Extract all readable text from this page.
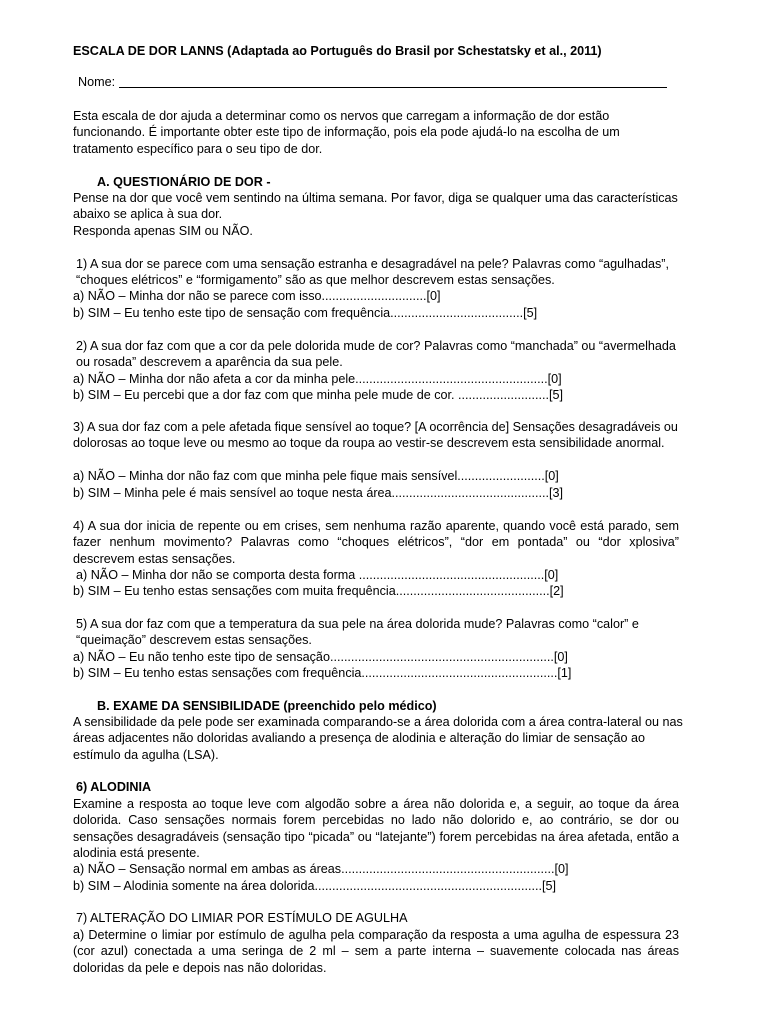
ESCALA DE DOR LANNS (Adaptada ao Português do Brasil por Schestatsky et al., 2011)

Nome:

Esta escala de dor ajuda a determinar como os nervos que carregam a informação de dor estão funcionando. É importante obter este tipo de informação, pois ela pode ajudá-lo na escolha de um tratamento específico para o seu tipo de dor.

A. QUESTIONÁRIO DE DOR -

Pense na dor que você vem sentindo na última semana. Por favor, diga se qualquer uma das características abaixo se aplica à sua dor.

Responda apenas SIM ou NÃO.

1) A sua dor se parece com uma sensação estranha e desagradável na pele? Palavras como “agulhadas”, “choques elétricos” e “formigamento” são as que melhor descrevem estas sensações.

a) NÃO – Minha dor não se parece com isso..............................[0]

b) SIM – Eu tenho este tipo de sensação com frequência......................................[5]

2) A sua dor faz com que a cor da pele dolorida mude de cor? Palavras como “manchada” ou “avermelhada ou rosada” descrevem a aparência da sua pele.

a) NÃO – Minha dor não afeta a cor da minha pele.......................................................[0]

b) SIM – Eu percebi que a dor faz com que minha pele mude de cor. ..........................[5]

3) A sua dor faz com a pele afetada fique sensível ao toque? [A ocorrência de] Sensações desagradáveis ou dolorosas ao toque leve ou mesmo ao toque da roupa ao vestir-se descrevem esta sensibilidade anormal.

a) NÃO – Minha dor não faz com que minha pele fique mais sensível.........................[0]

b) SIM – Minha pele é mais sensível ao toque nesta área.............................................[3]

4) A sua dor inicia de repente ou em crises, sem nenhuma razão aparente, quando você está parado, sem fazer nenhum movimento? Palavras como “choques elétricos”, “dor em pontada” ou “dor xplosiva” descrevem estas sensações.

a) NÃO – Minha dor não se comporta desta forma .....................................................[0]

b) SIM – Eu tenho estas sensações com muita frequência............................................[2]

5) A sua dor faz com que a temperatura da sua pele na área dolorida mude? Palavras como “calor” e “queimação” descrevem estas sensações.

a) NÃO – Eu não tenho este tipo de sensação................................................................[0]

b) SIM – Eu tenho estas sensações com frequência........................................................[1]

B. EXAME DA SENSIBILIDADE (preenchido pelo médico)

A sensibilidade da pele pode ser examinada comparando-se a área dolorida com a área contra-lateral ou nas áreas adjacentes não doloridas avaliando a presença de alodinia e alteração do limiar de sensação ao estímulo da agulha (LSA).

6) ALODINIA

Examine a resposta ao toque leve com algodão sobre a área não dolorida e, a seguir, ao toque da área dolorida. Caso sensações normais forem percebidas no lado não dolorido e, ao contrário, se dor ou sensações desagradáveis (sensação tipo “picada” ou “latejante”) forem percebidas na área afetada, então a alodinia está presente.

a) NÃO – Sensação normal em ambas as áreas.............................................................[0]

b) SIM – Alodinia somente na área dolorida.................................................................[5]

7) ALTERAÇÃO DO LIMIAR POR ESTÍMULO DE AGULHA

a) Determine o limiar por estímulo de agulha pela comparação da resposta a uma agulha de espessura 23 (cor azul) conectada a uma seringa de 2 ml – sem a parte interna – suavemente colocada nas áreas doloridas da pele e depois nas não doloridas.
